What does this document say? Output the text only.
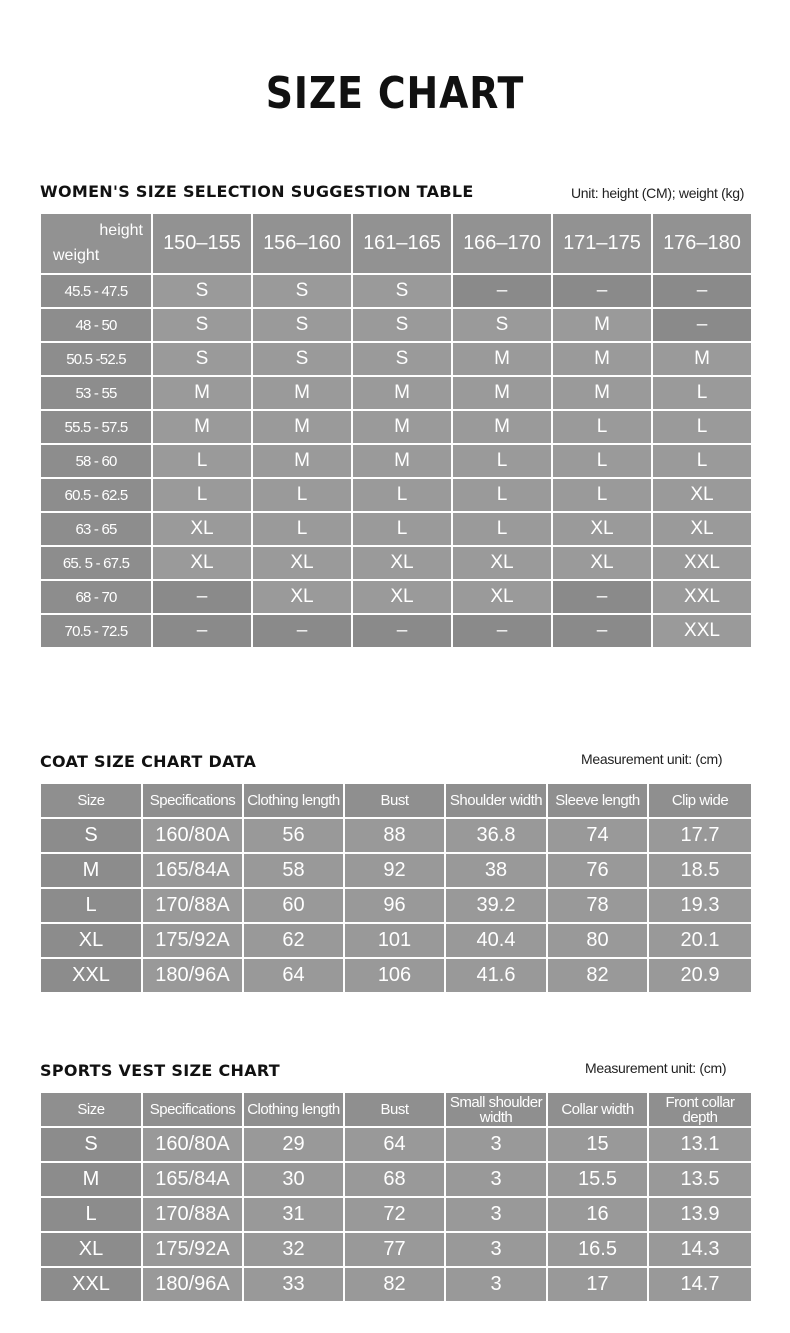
SIZE CHART
WOMEN'S SIZE SELECTION SUGGESTION TABLE	Unit: height (CM); weight (kg)
height
weight	150–155	156–160	161–165	166–170	171–175	176–180
45.5 - 47.5	S	S	S	–	–	–
48 - 50	S	S	S	S	M	–
50.5 -52.5	S	S	S	M	M	M
53 - 55	M	M	M	M	M	L
55.5 - 57.5	M	M	M	M	L	L
58 - 60	L	M	M	L	L	L
60.5 - 62.5	L	L	L	L	L	XL
63 - 65	XL	L	L	L	XL	XL
65. 5 - 67.5	XL	XL	XL	XL	XL	XXL
68 - 70	–	XL	XL	XL	–	XXL
70.5 - 72.5	–	–	–	–	–	XXL
COAT SIZE CHART DATA	Measurement unit: (cm)
Size	Specifications	Clothing length	Bust	Shoulder width	Sleeve length	Clip wide
S	160/80A	56	88	36.8	74	17.7
M	165/84A	58	92	38	76	18.5
L	170/88A	60	96	39.2	78	19.3
XL	175/92A	62	101	40.4	80	20.1
XXL	180/96A	64	106	41.6	82	20.9
SPORTS VEST SIZE CHART	Measurement unit: (cm)
Size	Specifications	Clothing length	Bust	Small shoulder width	Collar width	Front collar depth
S	160/80A	29	64	3	15	13.1
M	165/84A	30	68	3	15.5	13.5
L	170/88A	31	72	3	16	13.9
XL	175/92A	32	77	3	16.5	14.3
XXL	180/96A	33	82	3	17	14.7
